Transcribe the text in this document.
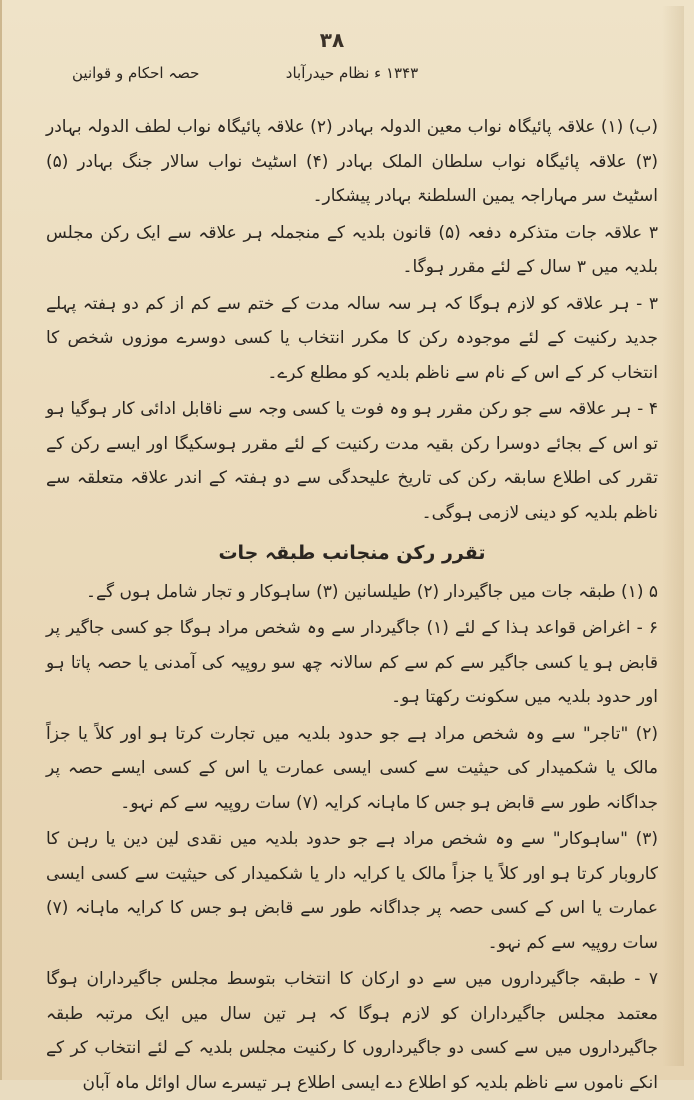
۳۸
۱۳۴۳ ء نظام حیدرآباد
حصہ احکام و قوانین

(ب) (۱) علاقہ پائیگاہ نواب معین الدولہ بہادر (۲) علاقہ پائیگاہ نواب لطف الدولہ بہادر (۳) علاقہ پائیگاہ نواب سلطان الملک بہادر (۴) اسٹیٹ نواب سالار جنگ بہادر (۵) اسٹیٹ سر مہاراجہ یمین السلطنۃ بہادر پیشکار۔

۳ علاقہ جات متذکرہ دفعہ (۵) قانون بلدیہ کے منجملہ ہر علاقہ سے ایک رکن مجلس بلدیہ میں ۳ سال کے لئے مقرر ہوگا۔

۳ - ہر علاقہ کو لازم ہوگا کہ ہر سہ سالہ مدت کے ختم سے کم از کم دو ہفتہ پہلے جدید رکنیت کے لئے موجودہ رکن کا مکرر انتخاب یا کسی دوسرے موزوں شخص کا انتخاب کر کے اس کے نام سے ناظم بلدیہ کو مطلع کرے۔

۴ - ہر علاقہ سے جو رکن مقرر ہو وہ فوت یا کسی وجہ سے ناقابل ادائی کار ہوگیا ہو تو اس کے بجائے دوسرا رکن بقیہ مدت رکنیت کے لئے مقرر ہوسکیگا اور ایسے رکن کے تقرر کی اطلاع سابقہ رکن کی تاریخ علیحدگی سے دو ہفتہ کے اندر علاقہ متعلقہ سے ناظم بلدیہ کو دینی لازمی ہوگی۔

تقرر رکن منجانب طبقہ جات

۵ (۱) طبقہ جات میں جاگیردار (۲) طیلسانین (۳) ساہوکار و تجار شامل ہوں گے۔

۶ - اغراض قواعد ہذا کے لئے (۱) جاگیردار سے وہ شخص مراد ہوگا جو کسی جاگیر پر قابض ہو یا کسی جاگیر سے کم سے کم سالانہ چھ سو روپیہ کی آمدنی یا حصہ پاتا ہو اور حدود بلدیہ میں سکونت رکھتا ہو۔

(۲) "تاجر" سے وہ شخص مراد ہے جو حدود بلدیہ میں تجارت کرتا ہو اور کلاً یا جزاً مالک یا شکمیدار کی حیثیت سے کسی ایسی عمارت یا اس کے کسی ایسے حصہ پر جداگانہ طور سے قابض ہو جس کا ماہانہ کرایہ (۷) سات روپیہ سے کم نہو۔

(۳) "ساہوکار" سے وہ شخص مراد ہے جو حدود بلدیہ میں نقدی لین دین یا رہن کا کاروبار کرتا ہو اور کلاً یا جزاً مالک یا کرایہ دار یا شکمیدار کی حیثیت سے کسی ایسی عمارت یا اس کے کسی حصہ پر جداگانہ طور سے قابض ہو جس کا کرایہ ماہانہ (۷) سات روپیہ سے کم نہو۔

۷ - طبقہ جاگیرداروں میں سے دو ارکان کا انتخاب بتوسط مجلس جاگیرداران ہوگا معتمد مجلس جاگیرداران کو لازم ہوگا کہ ہر تین سال میں ایک مرتبہ طبقہ جاگیرداروں میں سے کسی دو جاگیرداروں کا رکنیت مجلس بلدیہ کے لئے انتخاب کر کے انکے ناموں سے ناظم بلدیہ کو اطلاع دے ایسی اطلاع ہر تیسرے سال اوائل ماہ آبان
